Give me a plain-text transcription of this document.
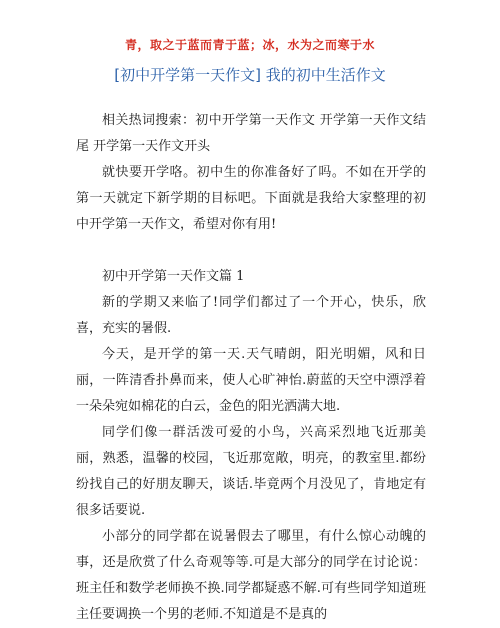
青，取之于蓝而青于蓝；冰，水为之而寒于水
[初中开学第一天作文] 我的初中生活作文

相关热词搜索：初中开学第一天作文 开学第一天作文结尾 开学第一天作文开头

就快要开学咯。初中生的你准备好了吗。不如在开学的第一天就定下新学期的目标吧。下面就是我给大家整理的初中开学第一天作文，希望对你有用!

初中开学第一天作文篇 1

新的学期又来临了!同学们都过了一个开心，快乐，欣喜，充实的暑假.

今天，是开学的第一天.天气晴朗，阳光明媚，风和日丽，一阵清香扑鼻而来，使人心旷神怡.蔚蓝的天空中漂浮着一朵朵宛如棉花的白云，金色的阳光洒满大地.

同学们像一群活泼可爱的小鸟，兴高采烈地飞近那美丽，熟悉，温馨的校园，飞近那宽敞，明亮，的教室里.都纷纷找自己的好朋友聊天，谈话.毕竟两个月没见了，肯地定有很多话要说.

小部分的同学都在说暑假去了哪里，有什么惊心动魄的事，还是欣赏了什么奇观等等.可是大部分的同学在讨论说：班主任和数学老师换不换.同学都疑惑不解.可有些同学知道班主任要调换一个男的老师.不知道是不是真的
